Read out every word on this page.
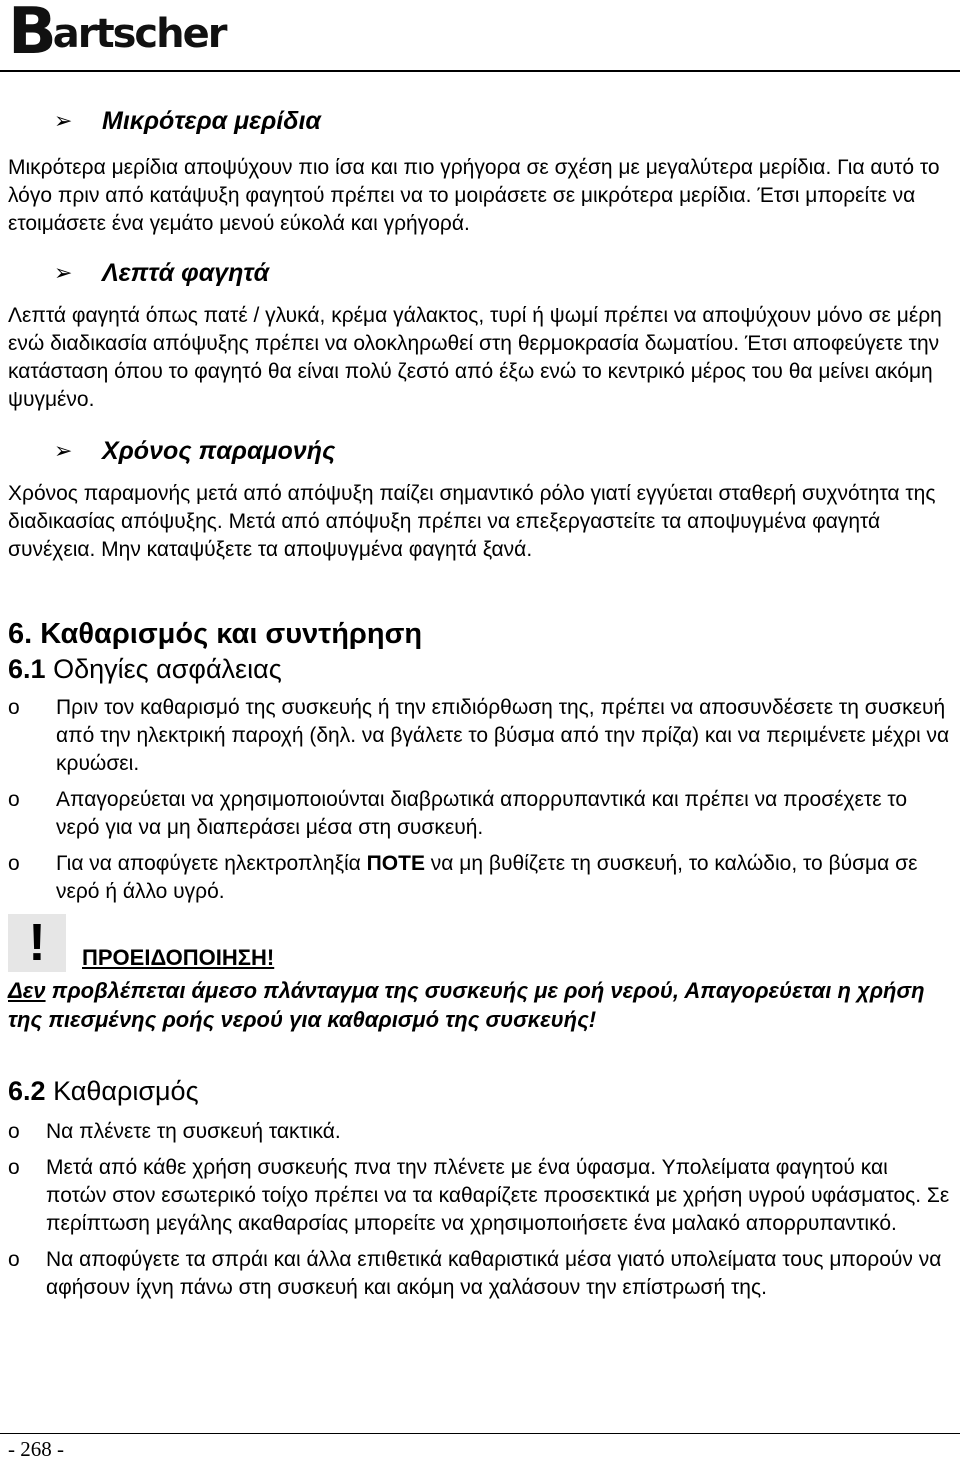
Bartscher
➢	Μικρότερα μερίδια

Μικρότερα μερίδια αποψύχουν πιο ίσα και πιο γρήγορα σε σχέση με μεγαλύτερα μερίδια. Για αυτό το λόγο πριν από κατάψυξη φαγητού πρέπει να το μοιράσετε σε μικρότερα μερίδια. Έτσι μπορείτε να ετοιμάσετε ένα γεμάτο μενού εύκολά και γρήγορά.

➢	Λεπτά φαγητά

Λεπτά φαγητά όπως πατέ / γλυκά, κρέμα γάλακτος, τυρί ή ψωμί πρέπει να αποψύχουν μόνο σε μέρη ενώ διαδικασία απόψυξης πρέπει να ολοκληρωθεί στη θερμοκρασία δωματίου. Έτσι αποφεύγετε την κατάσταση όπου το φαγητό θα είναι πολύ ζεστό από έξω ενώ το κεντρικό μέρος του θα μείνει ακόμη ψυγμένο.

➢	Χρόνος παραμονής

Χρόνος παραμονής μετά από απόψυξη παίζει σημαντικό ρόλο γιατί εγγύεται σταθερή συχνότητα της διαδικασίας απόψυξης. Μετά από απόψυξη πρέπει να επεξεργαστείτε τα αποψυγμένα φαγητά συνέχεια. Μην καταψύξετε τα αποψυγμένα φαγητά ξανά.

6. Καθαρισμός και συντήρηση
6.1 Οδηγίες ασφάλειας
o	Πριν τον καθαρισμό της συσκευής ή την επιδιόρθωση της, πρέπει να αποσυνδέσετε τη συσκευή από την ηλεκτρική παροχή (δηλ. να βγάλετε το βύσμα από την πρίζα) και να περιμένετε μέχρι να κρυώσει.
o	Απαγορεύεται να χρησιμοποιούνται διαβρωτικά απορρυπαντικά και πρέπει να προσέχετε το νερό για να μη διαπεράσει μέσα στη συσκευή.
o	Για να αποφύγετε ηλεκτροπληξία ΠΟΤΕ να μη βυθίζετε τη συσκευή, το καλώδιο, το βύσμα σε νερό ή άλλο υγρό.
!	ΠΡΟΕΙΔΟΠΟΙΗΣΗ!

Δεν προβλέπεται άμεσο πλάνταγμα της συσκευής με ροή νερού, Απαγορεύεται η χρήση της πιεσμένης ροής νερού για καθαρισμό της συσκευής!

6.2 Καθαρισμός
o	Να πλένετε τη συσκευή τακτικά.
o	Μετά από κάθε χρήση συσκευής πνα την πλένετε με ένα ύφασμα. Υπολείματα φαγητού και ποτών στον εσωτερικό τοίχο πρέπει να τα καθαρίζετε προσεκτικά με χρήση υγρού υφάσματος. Σε περίπτωση μεγάλης ακαθαρσίας μπορείτε να χρησιμοποιήσετε ένα μαλακό απορρυπαντικό.
o	Να αποφύγετε τα σπράι και άλλα επιθετικά καθαριστικά μέσα γιατό υπολείματα τους μπορούν να αφήσουν ίχνη πάνω στη συσκευή και ακόμη να χαλάσουν την επίστρωσή της.
- 268 -
